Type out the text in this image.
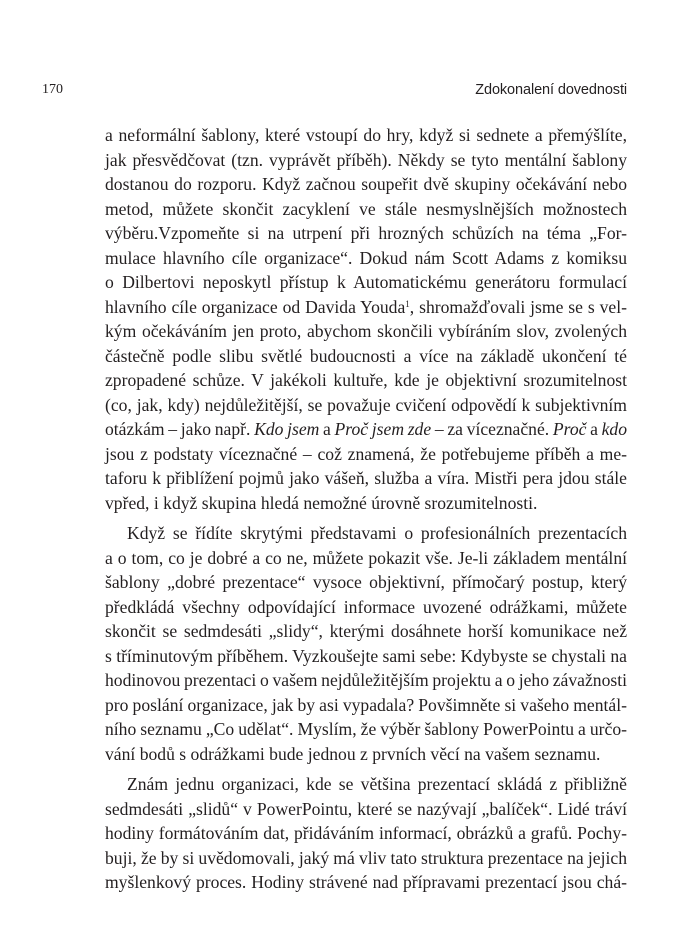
170	Zdokonalení dovednosti
a neformální šablony, které vstoupí do hry, když si sednete a přemýšlíte,
jak přesvědčovat (tzn. vyprávět příběh). Někdy se tyto mentální šablony
dostanou do rozporu. Když začnou soupeřit dvě skupiny očekávání nebo
metod, můžete skončit zacyklení ve stále nesmyslnějších možnostech
výběru.Vzpomeňte si na utrpení při hrozných schůzích na téma „For-
mulace hlavního cíle organizace“. Dokud nám Scott Adams z komiksu
o Dilbertovi neposkytl přístup k Automatickému generátoru formulací
hlavního cíle organizace od Davida Youda$^1$, shromažďovali jsme se s vel-
kým očekáváním jen proto, abychom skončili vybíráním slov, zvolených
částečně podle slibu světlé budoucnosti a více na základě ukončení té
zpropadené schůze. V jakékoli kultuře, kde je objektivní srozumitelnost
(co, jak, kdy) nejdůležitější, se považuje cvičení odpovědí k subjektivním
otázkám – jako např. Kdo jsem a Proč jsem zde – za víceznačné. Proč a kdo
jsou z podstaty víceznačné – což znamená, že potřebujeme příběh a me-
taforu k přiblížení pojmů jako vášeň, služba a víra. Mistři pera jdou stále
vpřed, i když skupina hledá nemožné úrovně srozumitelnosti.
Když se řídíte skrytými představami o profesionálních prezentacích
a o tom, co je dobré a co ne, můžete pokazit vše. Je-li základem mentální
šablony „dobré prezentace“ vysoce objektivní, přímočarý postup, který
předkládá všechny odpovídající informace uvozené odrážkami, můžete
skončit se sedmdesáti „slidy“, kterými dosáhnete horší komunikace než
s tříminutovým příběhem. Vyzkoušejte sami sebe: Kdybyste se chystali na
hodinovou prezentaci o vašem nejdůležitějším projektu a o jeho závažnosti
pro poslání organizace, jak by asi vypadala? Povšimněte si vašeho mentál-
ního seznamu „Co udělat“. Myslím, že výběr šablony PowerPointu a určo-
vání bodů s odrážkami bude jednou z prvních věcí na vašem seznamu.
Znám jednu organizaci, kde se většina prezentací skládá z přibližně
sedmdesáti „slidů“ v PowerPointu, které se nazývají „balíček“. Lidé tráví
hodiny formátováním dat, přidáváním informací, obrázků a grafů. Pochy-
buji, že by si uvědomovali, jaký má vliv tato struktura prezentace na jejich
myšlenkový proces. Hodiny strávené nad přípravami prezentací jsou chá-
